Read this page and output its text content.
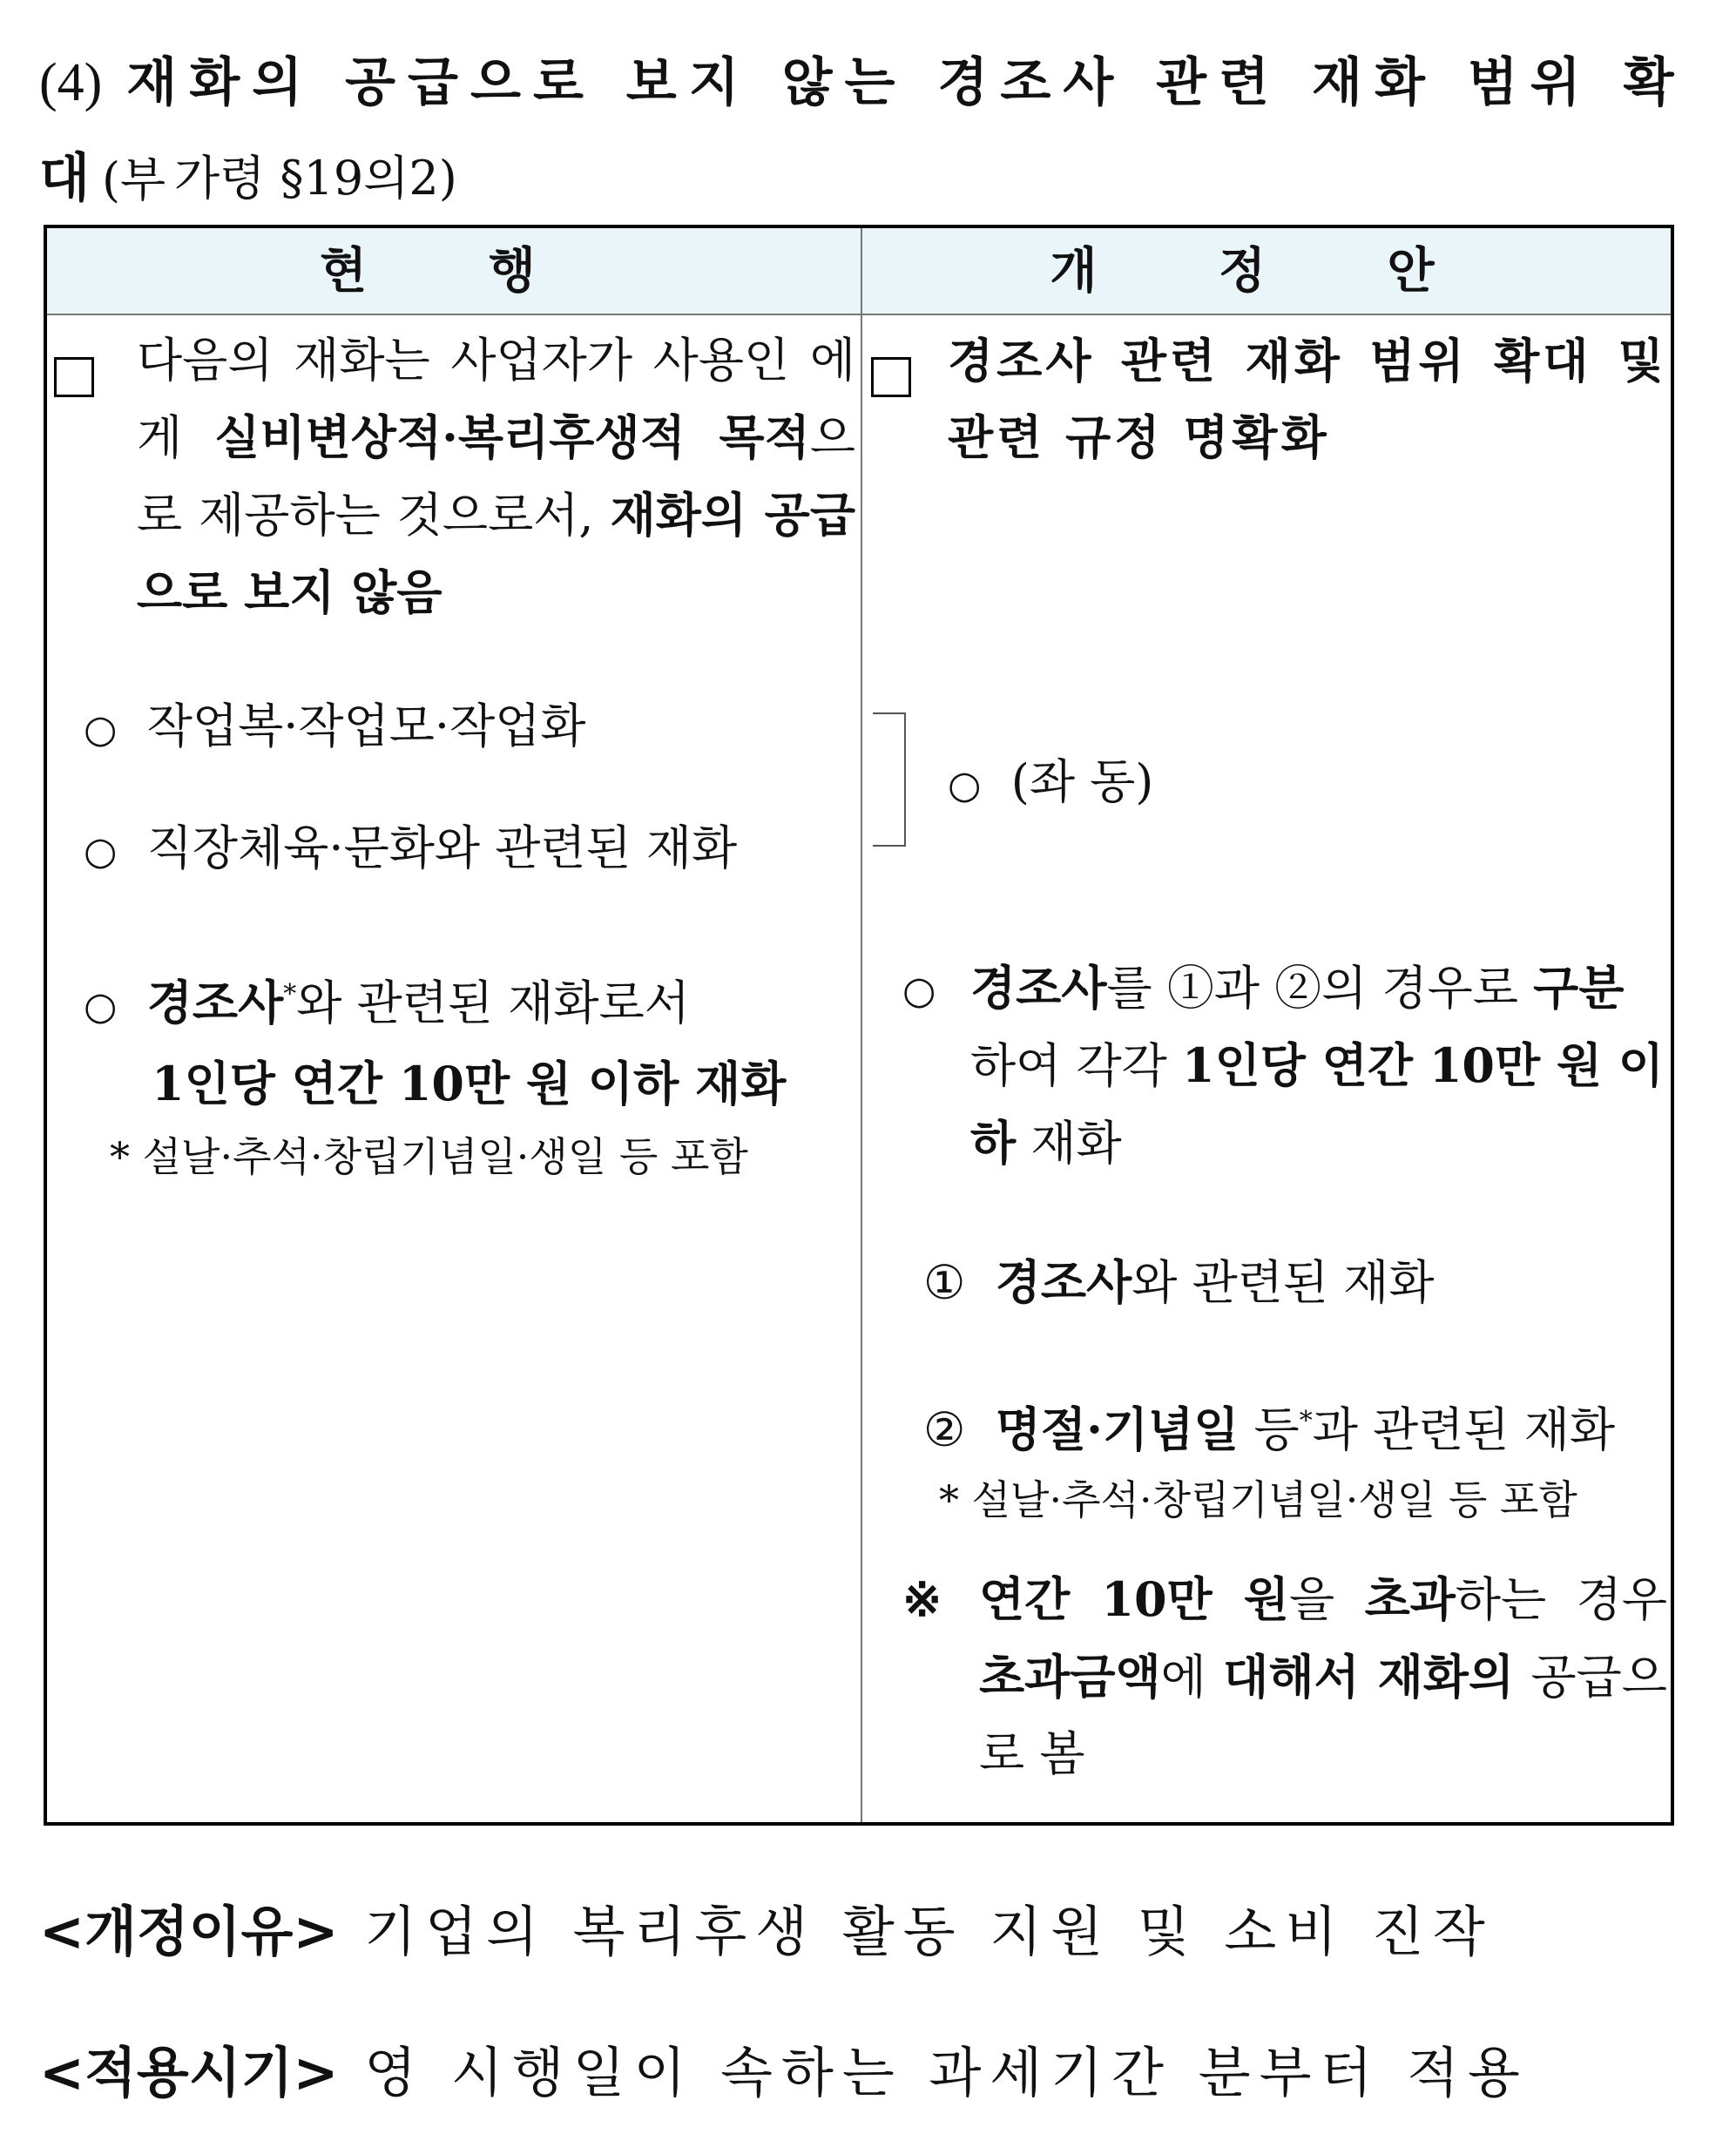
(4) 재화의 공급으로 보지 않는 경조사 관련 재화 범위 확대(부 가령 §19의2)
현 행	개 정 안
다음의 재화는 사업자가 사용인 에게 실비변상적·복리후생적 목적으로 제공하는 것으로서, 재화의 공급으로 보지 않음
○ 작업복·작업모·작업화
○ 직장체육·문화와 관련된 재화
○ 경조사*와 관련된 재화로서
1인당 연간 10만 원 이하 재화
* 설날·추석·창립기념일·생일 등 포함
경조사 관련 재화 범위 확대 및 관련 규정 명확화
○ (좌 동)
○ 경조사를 ①과 ②의 경우로 구분하여 각각 1인당 연간 10만 원 이하 재화
① 경조사와 관련된 재화
② 명절·기념일 등*과 관련된 재화
* 설날·추석·창립기념일·생일 등 포함
※ 연간 10만 원을 초과하는 경우 초과금액에 대해서 재화의 공급으로 봄
<개정이유> 기업의 복리후생 활동 지원 및 소비 진작
<적용시기> 영 시행일이 속하는 과세기간 분부터 적용
